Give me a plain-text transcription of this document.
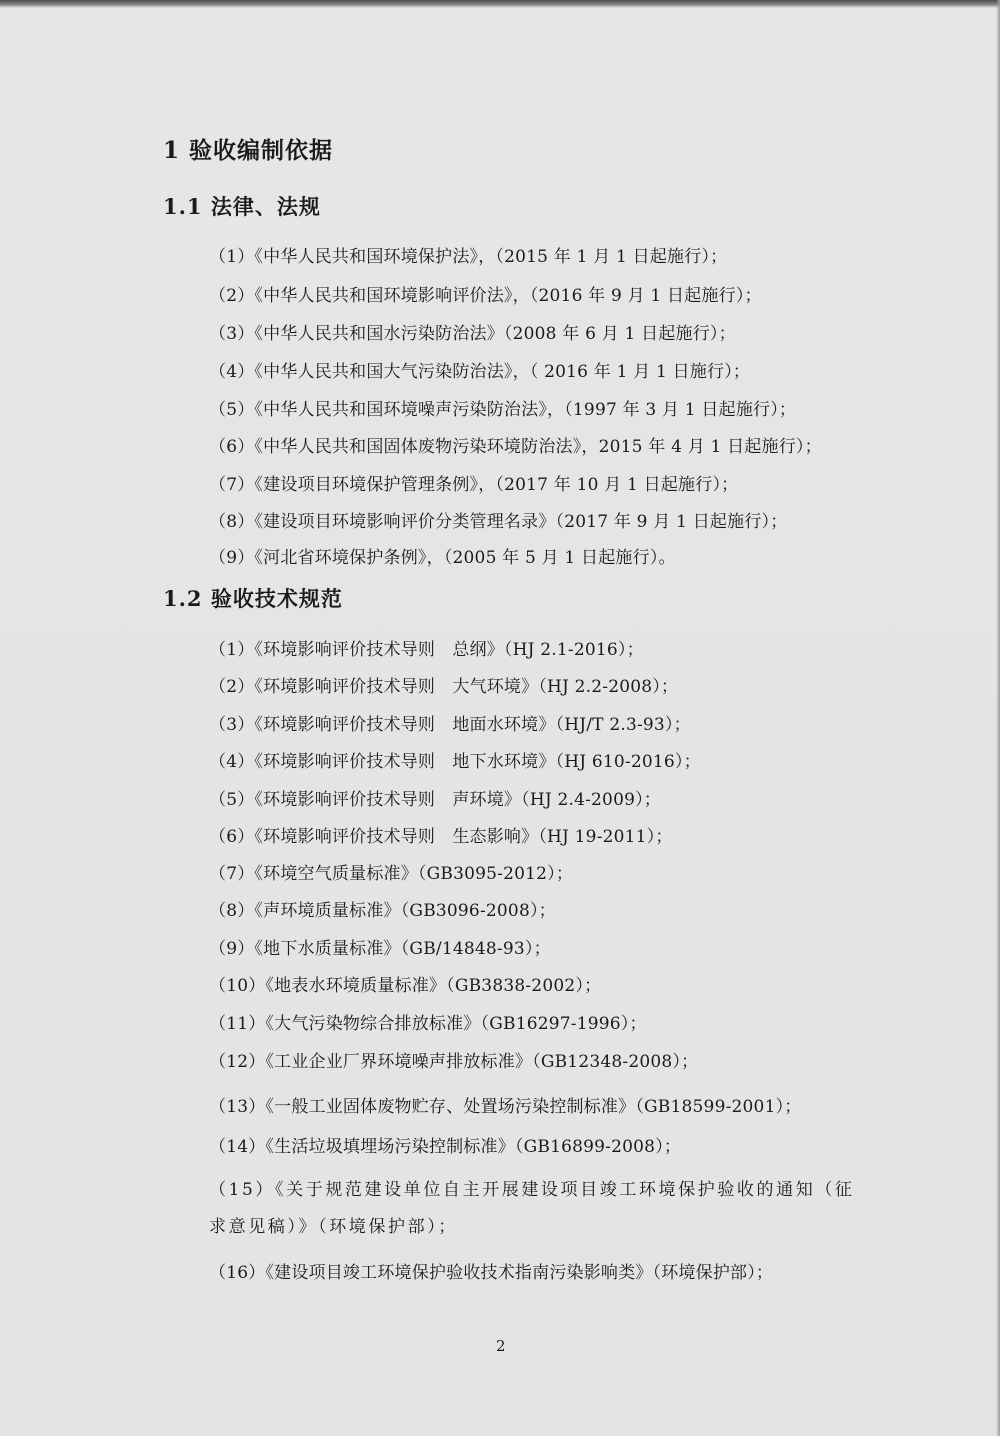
1 验收编制依据
1.1 法律、法规
（1）《中华人民共和国环境保护法》，（2015 年 1 月 1 日起施行）；
（2）《中华人民共和国环境影响评价法》，（2016 年 9 月 1 日起施行）；
（3）《中华人民共和国水污染防治法》（2008 年 6 月 1 日起施行）；
（4）《中华人民共和国大气污染防治法》，（ 2016 年 1 月 1 日施行）；
（5）《中华人民共和国环境噪声污染防治法》，（1997 年 3 月 1 日起施行）；
（6）《中华人民共和国固体废物污染环境防治法》，2015 年 4 月 1 日起施行）；
（7）《建设项目环境保护管理条例》，（2017 年 10 月 1 日起施行）；
（8）《建设项目环境影响评价分类管理名录》（2017 年 9 月 1 日起施行）；
（9）《河北省环境保护条例》，（2005 年 5 月 1 日起施行）。
1.2 验收技术规范
（1）《环境影响评价技术导则　总纲》（HJ 2.1-2016）；
（2）《环境影响评价技术导则　大气环境》（HJ 2.2-2008）；
（3）《环境影响评价技术导则　地面水环境》（HJ/T 2.3-93）；
（4）《环境影响评价技术导则　地下水环境》（HJ 610-2016）；
（5）《环境影响评价技术导则　声环境》（HJ 2.4-2009）；
（6）《环境影响评价技术导则　生态影响》（HJ 19-2011）；
（7）《环境空气质量标准》（GB3095-2012）；
（8）《声环境质量标准》（GB3096-2008）；
（9）《地下水质量标准》（GB/14848-93）；
（10）《地表水环境质量标准》（GB3838-2002）；
（11）《大气污染物综合排放标准》（GB16297-1996）；
（12）《工业企业厂界环境噪声排放标准》（GB12348-2008）；
（13）《一般工业固体废物贮存、处置场污染控制标准》（GB18599-2001）；
（14）《生活垃圾填埋场污染控制标准》（GB16899-2008）；
（15）《关于规范建设单位自主开展建设项目竣工环境保护验收的通知（征求意见稿）》（环境保护部）；
（16）《建设项目竣工环境保护验收技术指南污染影响类》（环境保护部）；
2
